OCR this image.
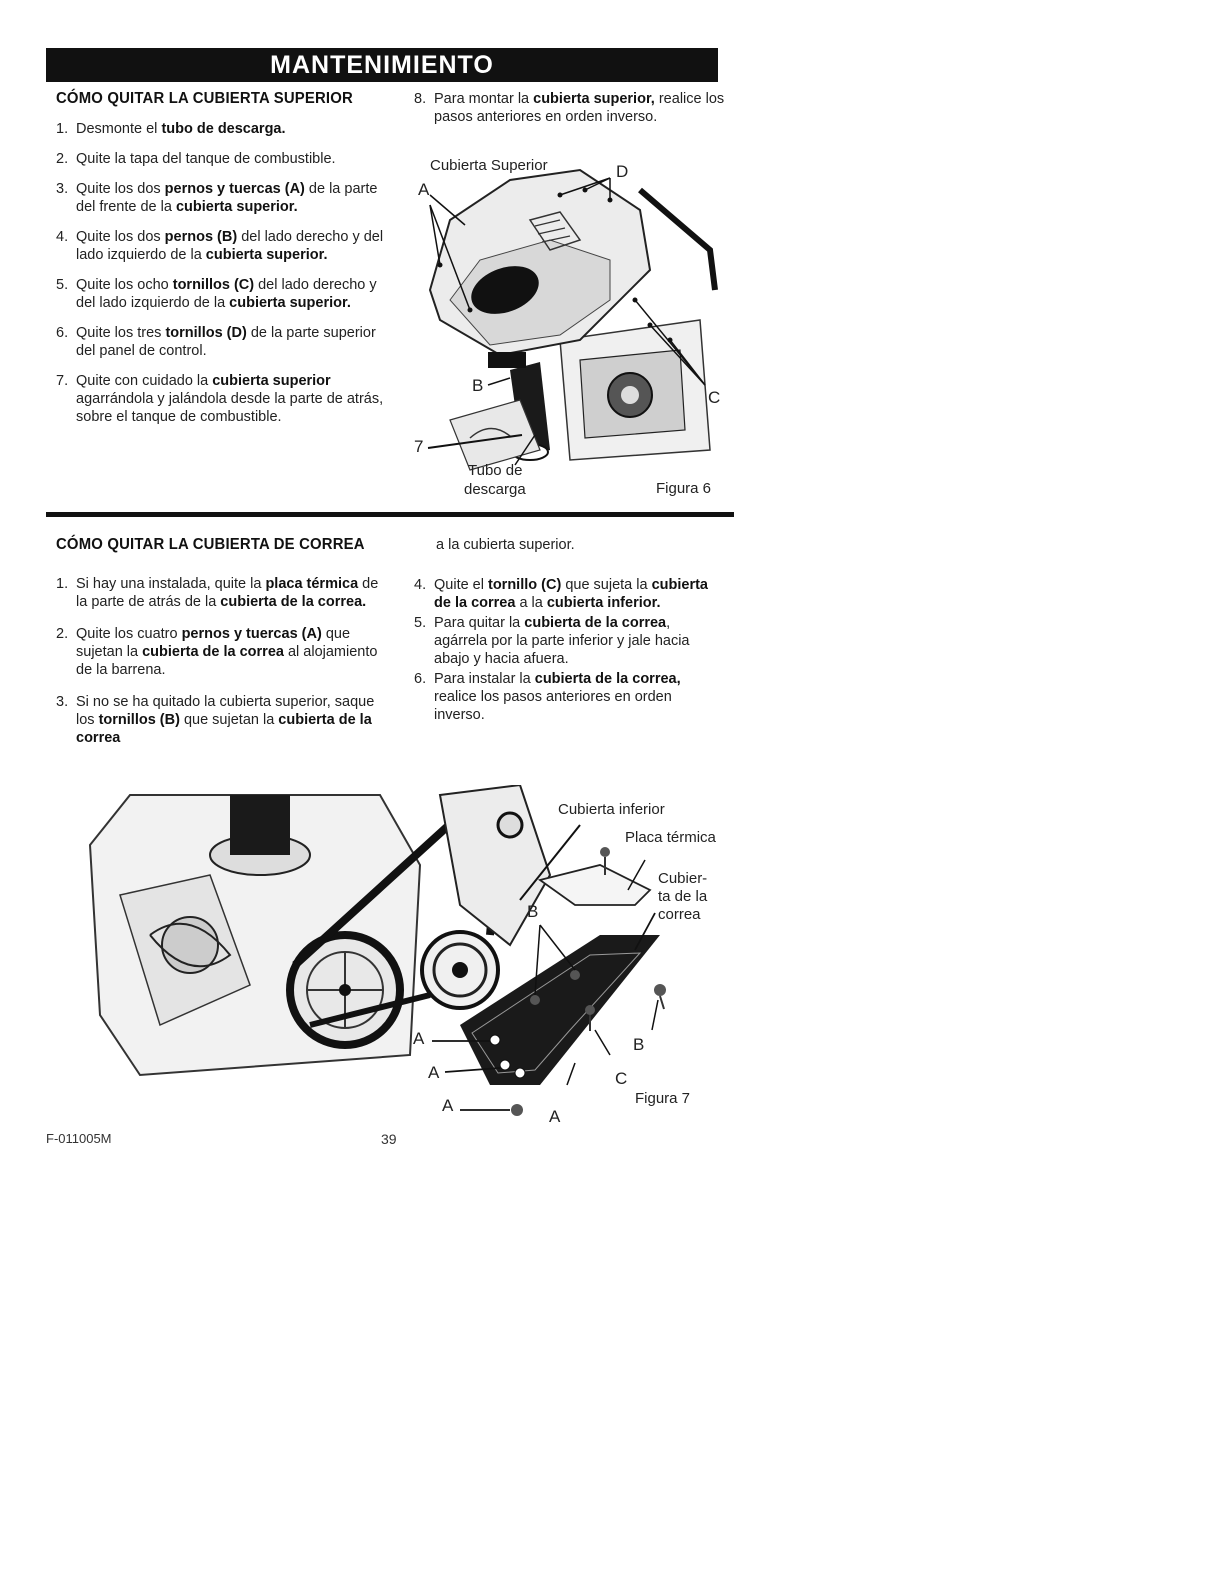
MANTENIMIENTO
CÓMO QUITAR LA CUBIERTA SUPERIOR
1. Desmonte el tubo de descarga.
2. Quite la tapa del tanque de combustible.
3. Quite los dos pernos y tuercas (A) de la parte del frente de la cubierta superior.
4. Quite los dos pernos (B) del lado derecho y del lado izquierdo de la cubierta superior.
5. Quite los ocho tornillos (C) del lado derecho y del lado izquierdo de la cubierta superior.
6. Quite los tres tornillos (D) de la parte superior del panel de control.
7. Quite con cuidado la cubierta superior agarrándola y jalándola desde la parte de atrás, sobre el tanque de combustible.
8. Para montar la cubierta superior, realice los pasos anteriores en orden inverso.
Cubierta Superior
A
D
B
C
7
Tubo de
descarga	Figura 6
CÓMO QUITAR LA CUBIERTA DE CORREA
1. Si hay una instalada, quite la placa térmica de la parte de atrás de la cubierta de la correa.
2. Quite los cuatro pernos y tuercas (A) que sujetan la cubierta de la correa al alojamiento de la barrena.
3. Si no se ha quitado la cubierta superior, saque los tornillos (B) que sujetan la cubierta de la correa
a la cubierta superior.
4. Quite el tornillo (C) que sujeta la cubierta de la correa a la cubierta inferior.
5. Para quitar la cubierta de la correa, agárrela por la parte inferior y jale hacia abajo y hacia afuera.
6. Para instalar la cubierta de la correa, realice los pasos anteriores en orden inverso.
Cubierta inferior
Placa térmica
Cubier-
ta de la
correa
B
B
C
A
A
A
A
Figura 7
F-011005M	39
